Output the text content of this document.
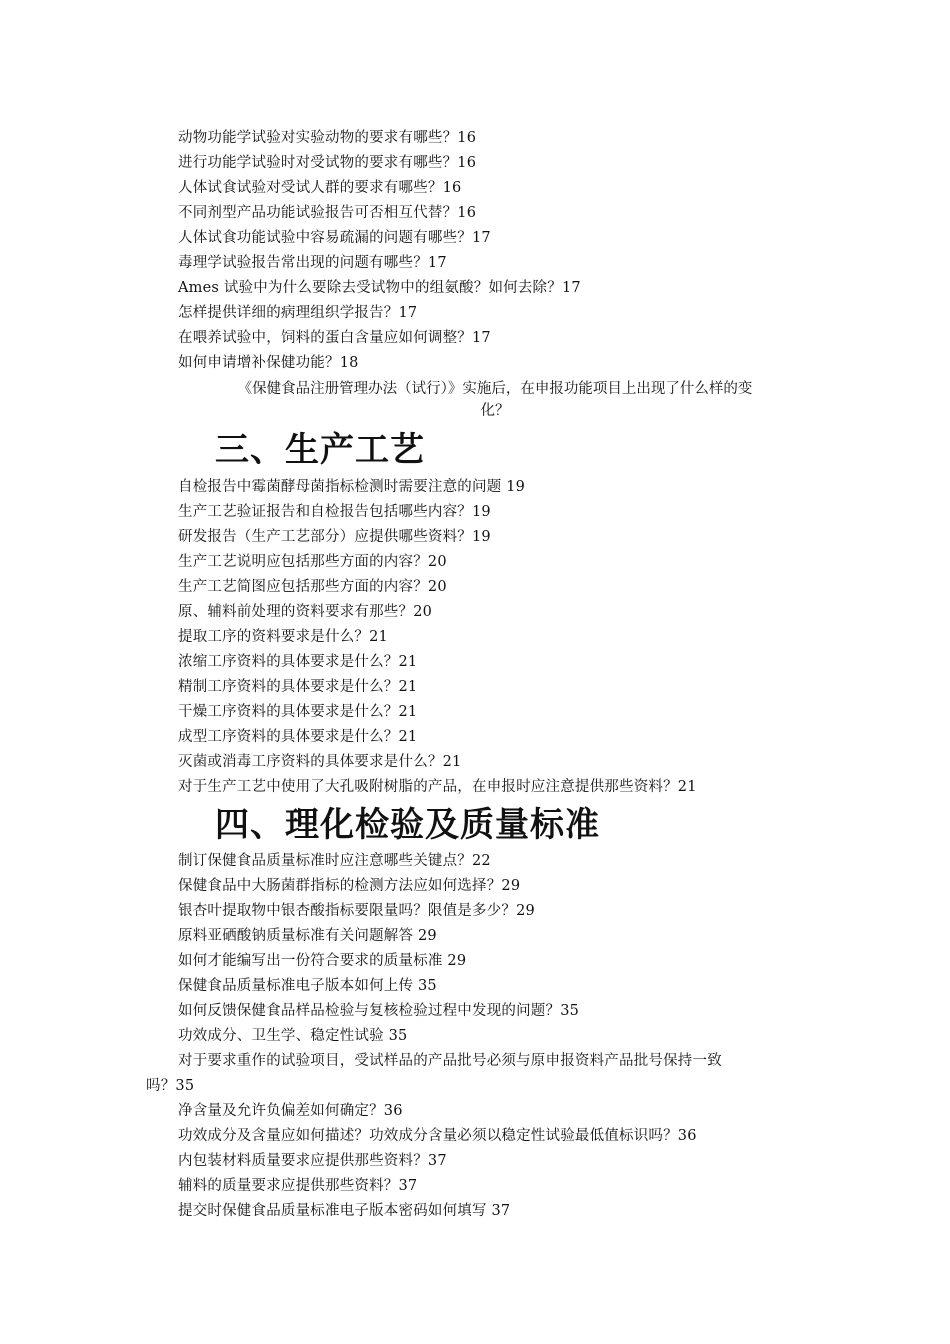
动物功能学试验对实验动物的要求有哪些？16
进行功能学试验时对受试物的要求有哪些？16
人体试食试验对受试人群的要求有哪些？16
不同剂型产品功能试验报告可否相互代替？16
人体试食功能试验中容易疏漏的问题有哪些？17
毒理学试验报告常出现的问题有哪些？17
Ames 试验中为什么要除去受试物中的组氨酸？如何去除？17
怎样提供详细的病理组织学报告？17
在喂养试验中，饲料的蛋白含量应如何调整？17
如何申请增补保健功能？18
《保健食品注册管理办法（试行）》实施后，在申报功能项目上出现了什么样的变
化？
三、生产工艺
自检报告中霉菌酵母菌指标检测时需要注意的问题 19
生产工艺验证报告和自检报告包括哪些内容？19
研发报告（生产工艺部分）应提供哪些资料？19
生产工艺说明应包括那些方面的内容？20
生产工艺简图应包括那些方面的内容？20
原、辅料前处理的资料要求有那些？20
提取工序的资料要求是什么？21
浓缩工序资料的具体要求是什么？21
精制工序资料的具体要求是什么？21
干燥工序资料的具体要求是什么？21
成型工序资料的具体要求是什么？21
灭菌或消毒工序资料的具体要求是什么？21
对于生产工艺中使用了大孔吸附树脂的产品，在申报时应注意提供那些资料？21
四、理化检验及质量标准
制订保健食品质量标准时应注意哪些关键点？22
保健食品中大肠菌群指标的检测方法应如何选择？29
银杏叶提取物中银杏酸指标要限量吗？限值是多少？29
原料亚硒酸钠质量标准有关问题解答 29
如何才能编写出一份符合要求的质量标准 29
保健食品质量标准电子版本如何上传 35
如何反馈保健食品样品检验与复核检验过程中发现的问题？35
功效成分、卫生学、稳定性试验 35
对于要求重作的试验项目，受试样品的产品批号必须与原申报资料产品批号保持一致
吗？35
净含量及允许负偏差如何确定？36
功效成分及含量应如何描述？功效成分含量必须以稳定性试验最低值标识吗？36
内包装材料质量要求应提供那些资料？37
辅料的质量要求应提供那些资料？37
提交时保健食品质量标准电子版本密码如何填写 37
